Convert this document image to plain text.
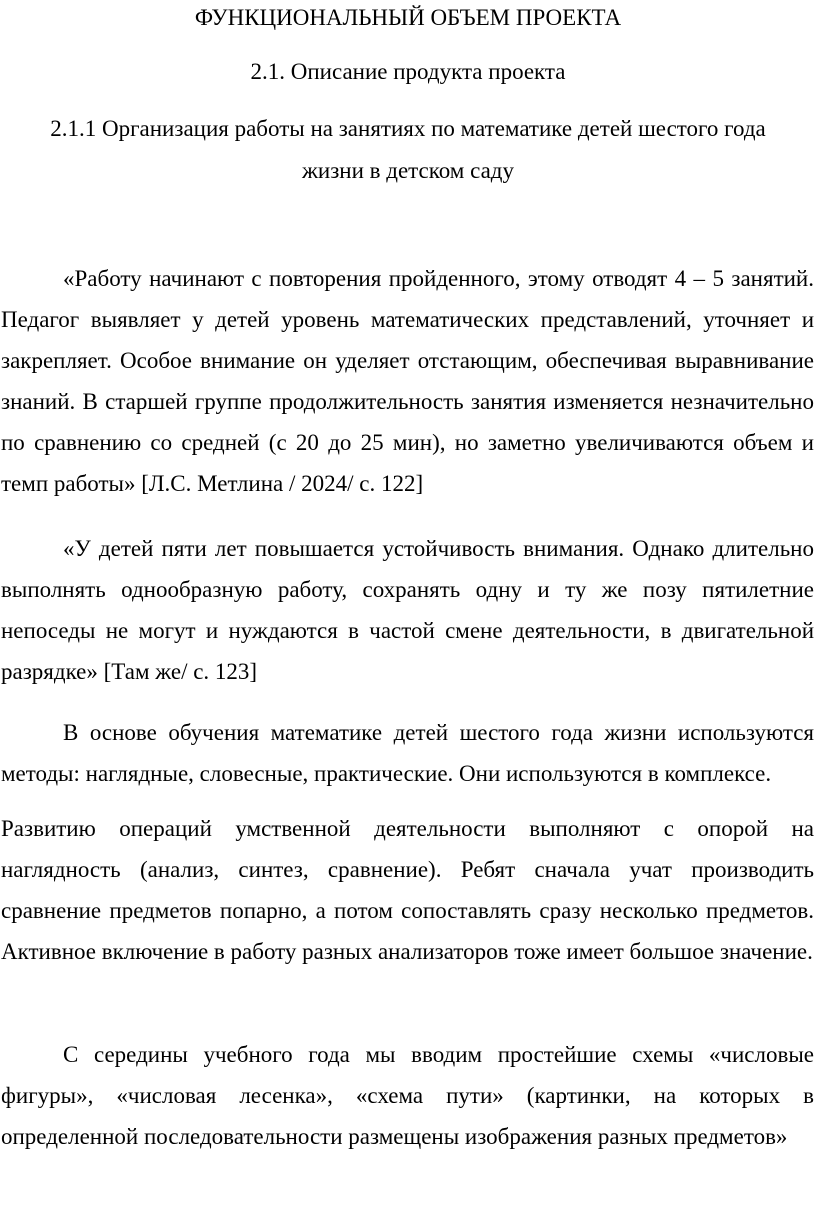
ФУНКЦИОНАЛЬНЫЙ ОБЪЕМ ПРОЕКТА
2.1. Описание продукта проекта
2.1.1 Организация работы на занятиях по математике детей шестого года
жизни в детском саду

«Работу начинают с повторения пройденного, этому отводят 4 – 5 занятий. Педагог выявляет у детей уровень математических представлений, уточняет и закрепляет. Особое внимание он уделяет отстающим, обеспечивая выравнивание знаний. В старшей группе продолжительность занятия изменяется незначительно по сравнению со средней (с 20 до 25 мин), но заметно увеличиваются объем и темп работы» [Л.С. Метлина / 2024/ с. 122]

«У детей пяти лет повышается устойчивость внимания. Однако длительно выполнять однообразную работу, сохранять одну и ту же позу пятилетние непоседы не могут и нуждаются в частой смене деятельности, в двигательной разрядке» [Там же/ с. 123]

В основе обучения математике детей шестого года жизни используются методы: наглядные, словесные, практические. Они используются в комплексе.

Развитию операций умственной деятельности выполняют с опорой на наглядность (анализ, синтез, сравнение). Ребят сначала учат производить сравнение предметов попарно, а потом сопоставлять сразу несколько предметов. Активное включение в работу разных анализаторов тоже имеет большое значение.

С середины учебного года мы вводим простейшие схемы «числовые фигуры», «числовая лесенка», «схема пути» (картинки, на которых в определенной последовательности размещены изображения разных предметов»
